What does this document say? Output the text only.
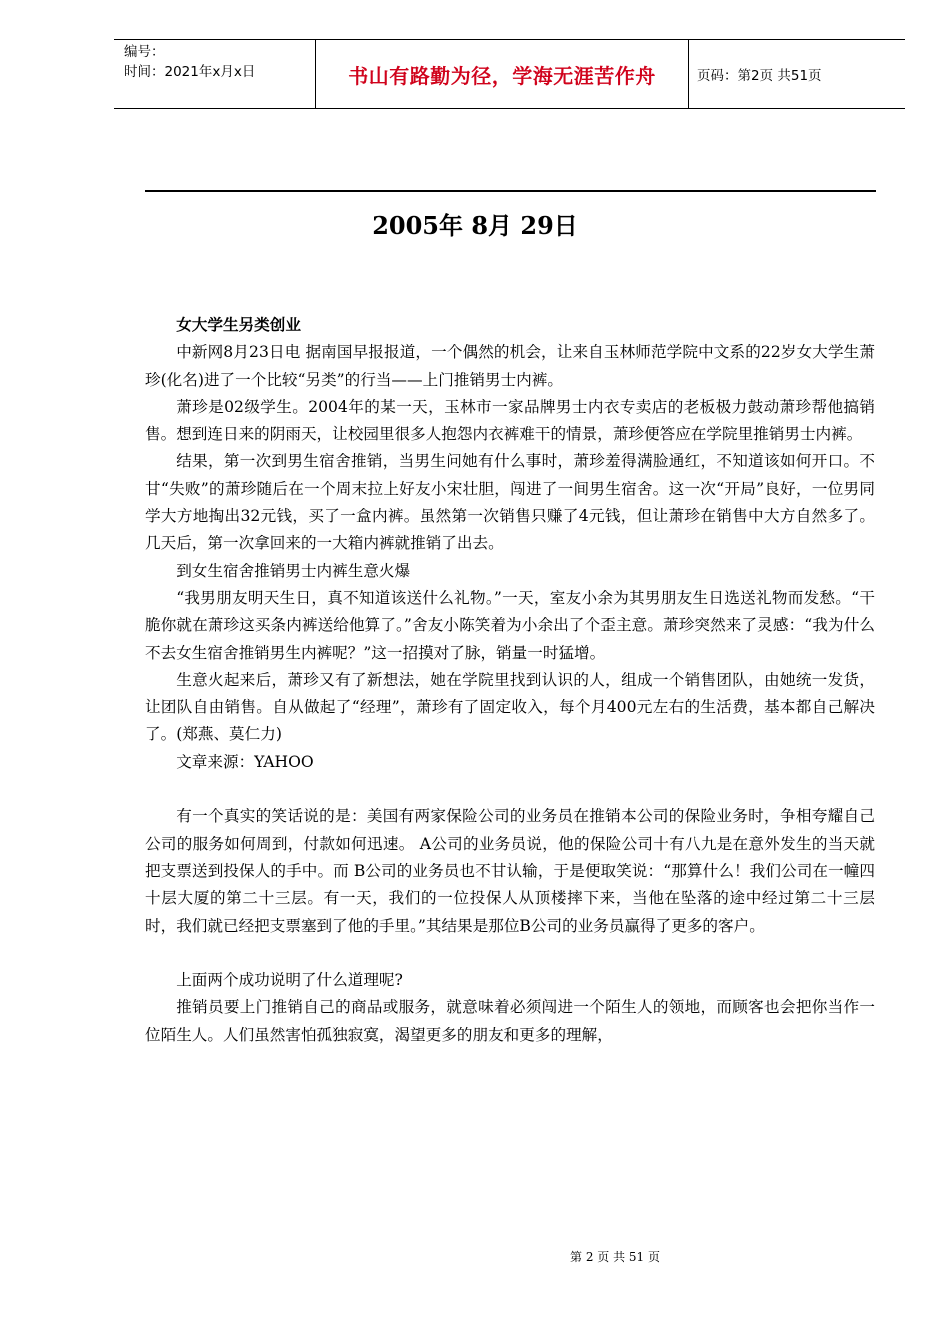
编号：
时间：2021年x月x日	书山有路勤为径，学海无涯苦作舟	页码：第2页 共51页
2005年 8月 29日

女大学生另类创业

中新网8月23日电 据南国早报报道，一个偶然的机会，让来自玉林师范学院中文系的22岁女大学生萧珍(化名)进了一个比较“另类”的行当——上门推销男士内裤。

萧珍是02级学生。2004年的某一天，玉林市一家品牌男士内衣专卖店的老板极力鼓动萧珍帮他搞销售。想到连日来的阴雨天，让校园里很多人抱怨内衣裤难干的情景，萧珍便答应在学院里推销男士内裤。

结果，第一次到男生宿舍推销，当男生问她有什么事时，萧珍羞得满脸通红，不知道该如何开口。不甘“失败”的萧珍随后在一个周末拉上好友小宋壮胆，闯进了一间男生宿舍。这一次“开局”良好，一位男同学大方地掏出32元钱，买了一盒内裤。虽然第一次销售只赚了4元钱，但让萧珍在销售中大方自然多了。几天后，第一次拿回来的一大箱内裤就推销了出去。

到女生宿舍推销男士内裤生意火爆

“我男朋友明天生日，真不知道该送什么礼物。”一天，室友小余为其男朋友生日选送礼物而发愁。“干脆你就在萧珍这买条内裤送给他算了。”舍友小陈笑着为小余出了个歪主意。萧珍突然来了灵感：“我为什么不去女生宿舍推销男生内裤呢？”这一招摸对了脉，销量一时猛增。

生意火起来后，萧珍又有了新想法，她在学院里找到认识的人，组成一个销售团队，由她统一发货，让团队自由销售。自从做起了“经理”，萧珍有了固定收入，每个月400元左右的生活费，基本都自己解决了。(郑燕、莫仁力)

文章来源：YAHOO

有一个真实的笑话说的是：美国有两家保险公司的业务员在推销本公司的保险业务时，争相夸耀自己公司的服务如何周到，付款如何迅速。 A公司的业务员说，他的保险公司十有八九是在意外发生的当天就把支票送到投保人的手中。而 B公司的业务员也不甘认输，于是便取笑说：“那算什么！我们公司在一幢四十层大厦的第二十三层。有一天，我们的一位投保人从顶楼摔下来，当他在坠落的途中经过第二十三层时，我们就已经把支票塞到了他的手里。”其结果是那位B公司的业务员赢得了更多的客户。

上面两个成功说明了什么道理呢?

推销员要上门推销自己的商品或服务，就意味着必须闯进一个陌生人的领地，而顾客也会把你当作一位陌生人。人们虽然害怕孤独寂寞，渴望更多的朋友和更多的理解，

第 2 页 共 51 页
